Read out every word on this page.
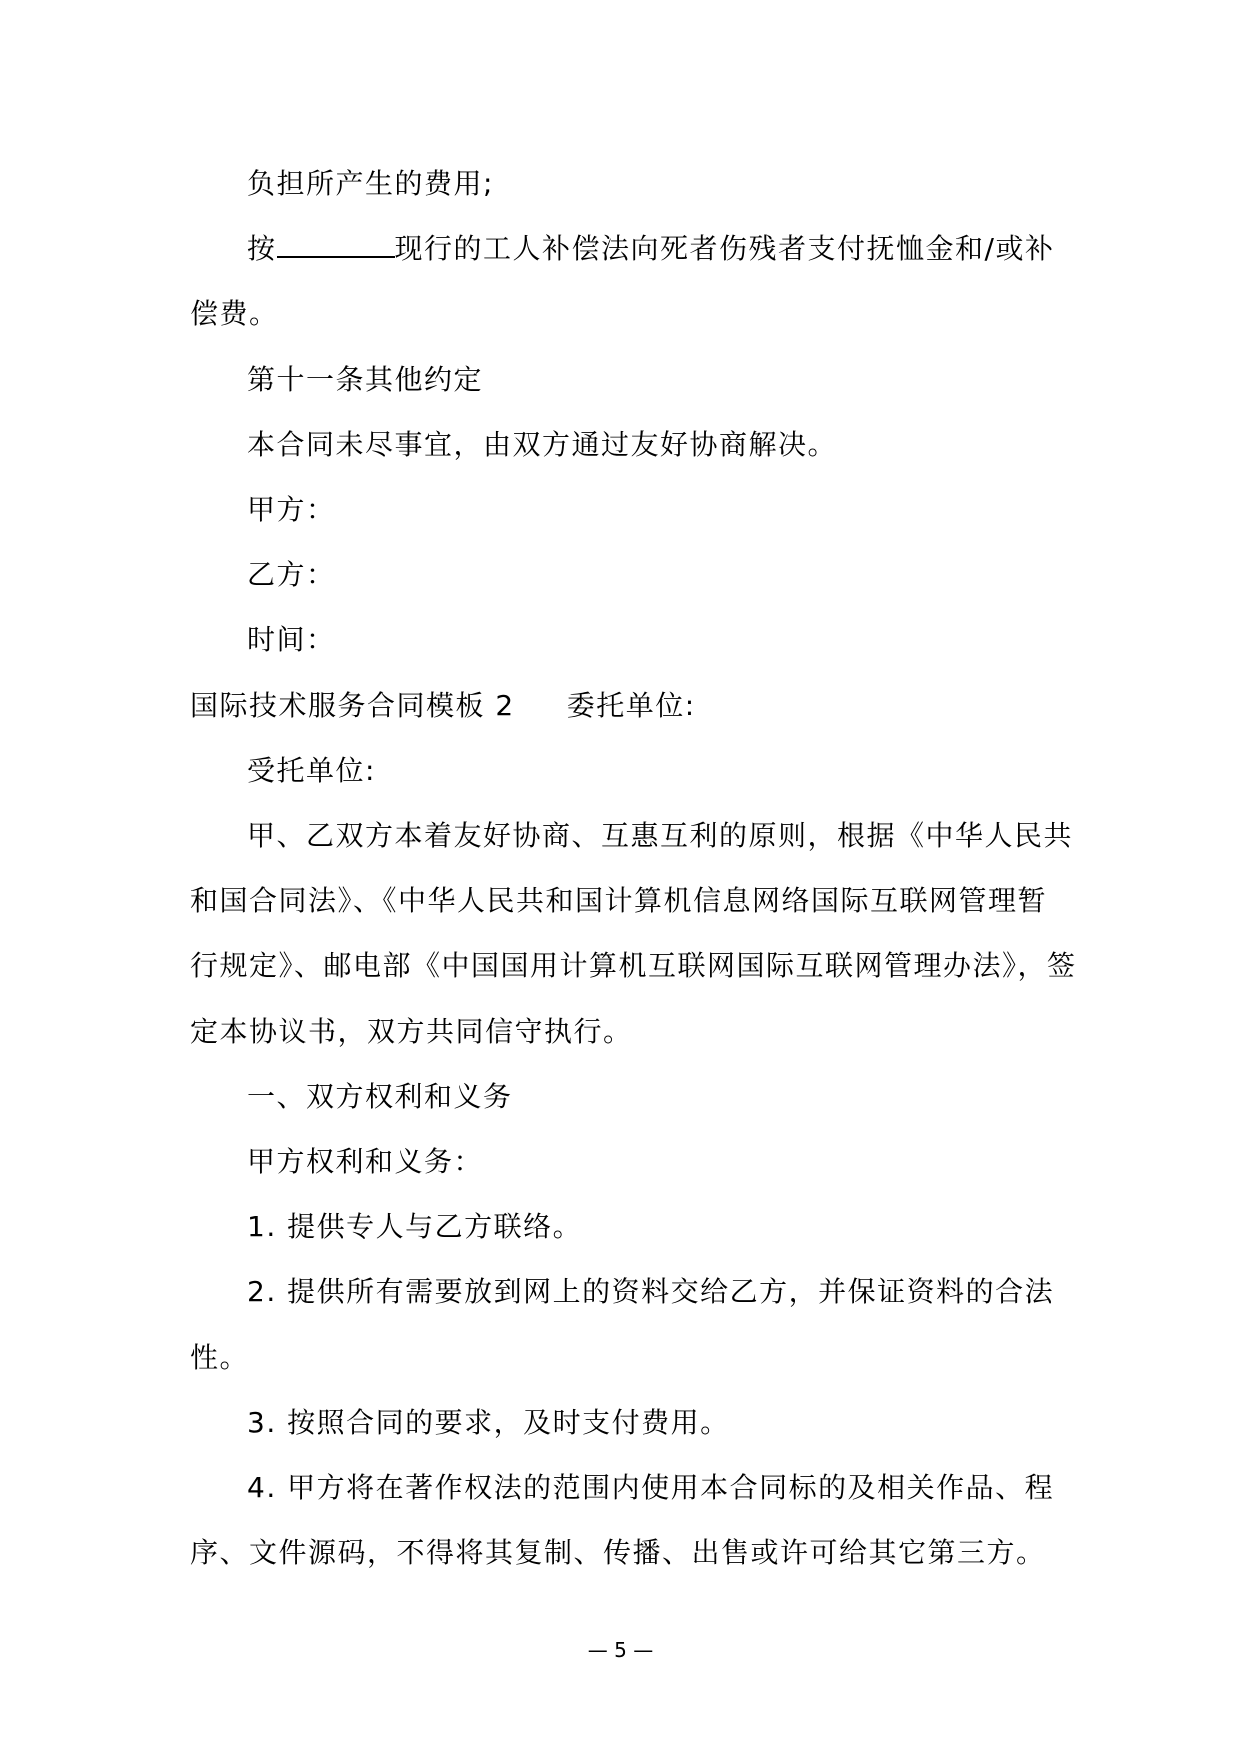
负担所产生的费用;
按	现行的工人补偿法向死者伤残者支付抚恤金和/或补
偿费。
第十一条其他约定
本合同未尽事宜，由双方通过友好协商解决。
甲方：
乙方：
时间：
国际技术服务合同模板 2 委托单位:
受托单位:
甲、乙双方本着友好协商、互惠互利的原则，根据《中华人民共
和国合同法》、《中华人民共和国计算机信息网络国际互联网管理暂
行规定》、邮电部《中国国用计算机互联网国际互联网管理办法》，签
定本协议书，双方共同信守执行。
一、双方权利和义务
甲方权利和义务：
1. 提供专人与乙方联络。
2. 提供所有需要放到网上的资料交给乙方，并保证资料的合法
性。
3. 按照合同的要求，及时支付费用。
4. 甲方将在著作权法的范围内使用本合同标的及相关作品、程
序、文件源码，不得将其复制、传播、出售或许可给其它第三方。
— 5 —
